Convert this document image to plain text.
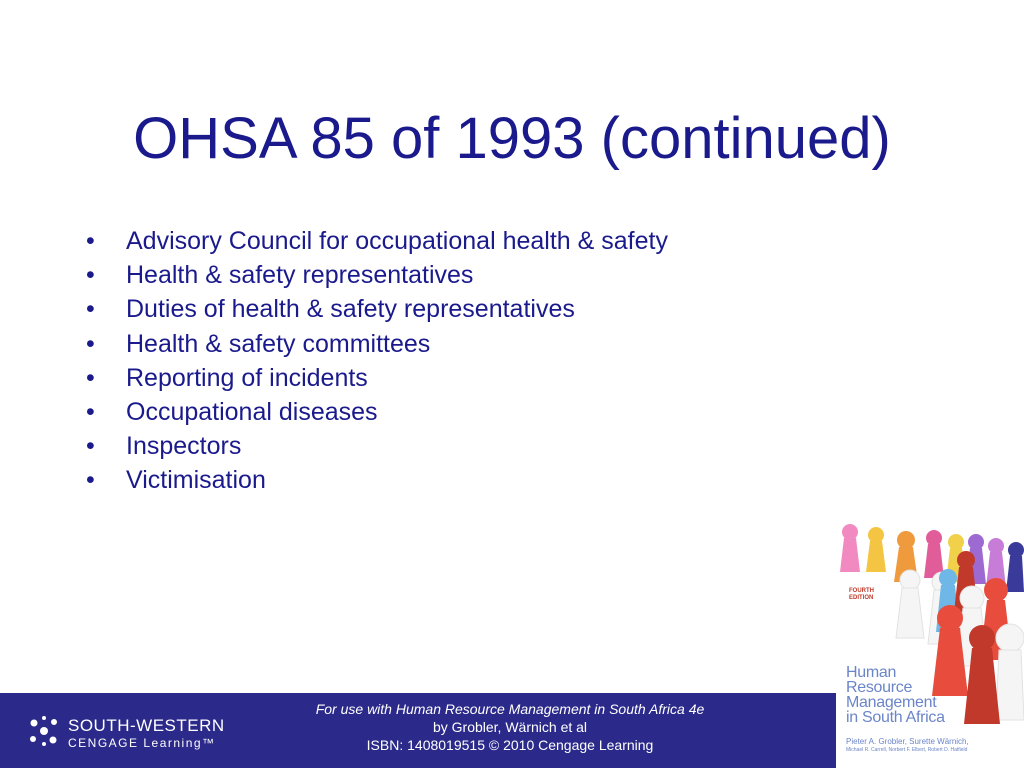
OHSA 85 of 1993 (continued)
• Advisory Council for occupational health & safety
• Health & safety representatives
• Duties of health & safety representatives
• Health & safety committees
• Reporting of incidents
• Occupational diseases
• Inspectors
• Victimisation
SOUTH-WESTERN
CENGAGE Learning™
For use with Human Resource Management in South Africa 4e
by Grobler, Wärnich et al
ISBN: 1408019515 © 2010 Cengage Learning
FOURTH
EDITION
Human
Resource
Management
in South Africa
Pieter A. Grobler, Surette Wärnich,
Michael R. Carrell, Norbert F. Elbert, Robert D. Hatfield
